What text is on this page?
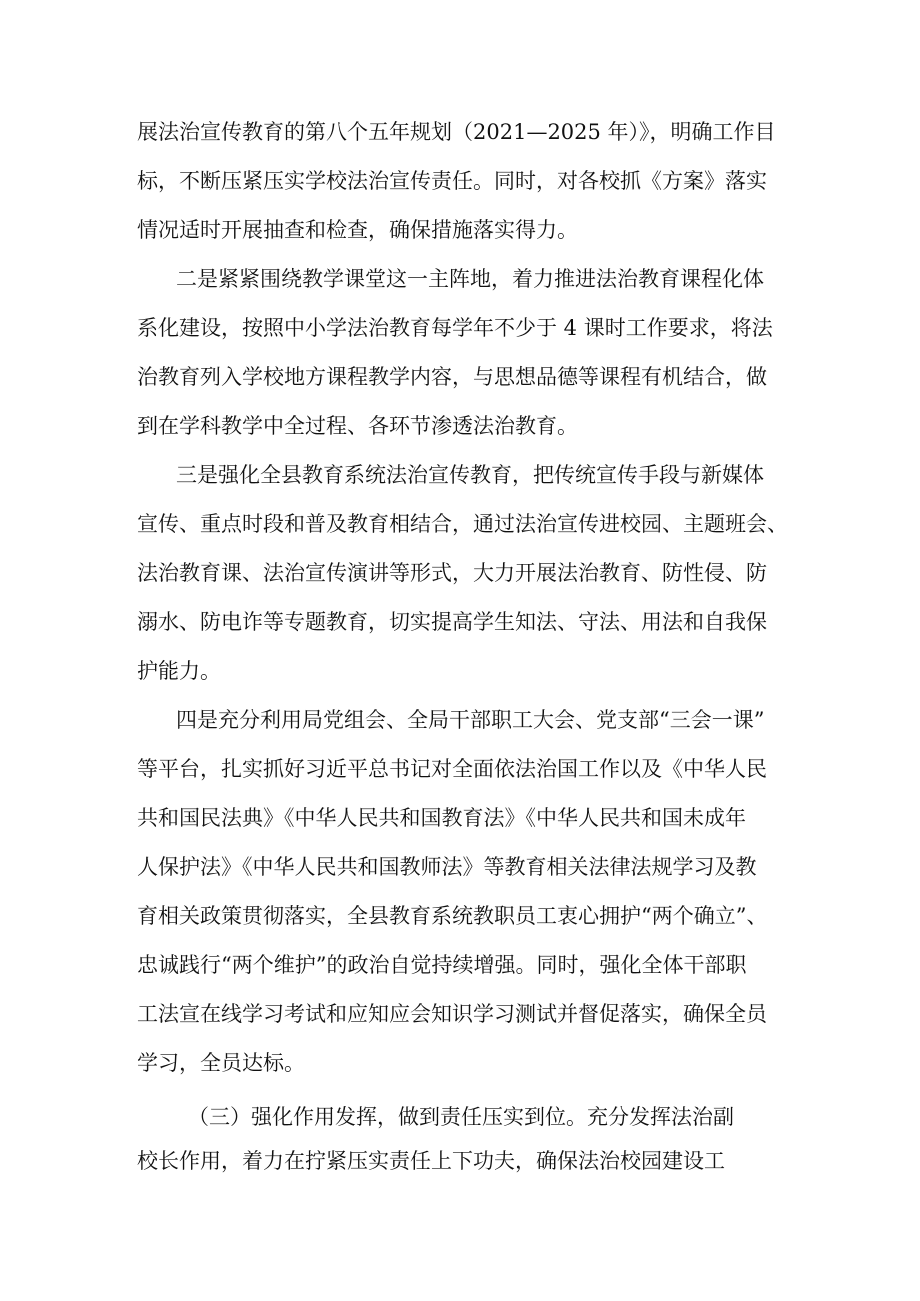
展法治宣传教育的第八个五年规划（2021—2025 年）》，明确工作目
标，不断压紧压实学校法治宣传责任。同时，对各校抓《方案》落实
情况适时开展抽查和检查，确保措施落实得力。
二是紧紧围绕教学课堂这一主阵地，着力推进法治教育课程化体
系化建设，按照中小学法治教育每学年不少于 4 课时工作要求，将法
治教育列入学校地方课程教学内容，与思想品德等课程有机结合，做
到在学科教学中全过程、各环节渗透法治教育。
三是强化全县教育系统法治宣传教育，把传统宣传手段与新媒体
宣传、重点时段和普及教育相结合，通过法治宣传进校园、主题班会、
法治教育课、法治宣传演讲等形式，大力开展法治教育、防性侵、防
溺水、防电诈等专题教育，切实提高学生知法、守法、用法和自我保
护能力。
四是充分利用局党组会、全局干部职工大会、党支部“三会一课”
等平台，扎实抓好习近平总书记对全面依法治国工作以及《中华人民
共和国民法典》《中华人民共和国教育法》《中华人民共和国未成年
人保护法》《中华人民共和国教师法》等教育相关法律法规学习及教
育相关政策贯彻落实，全县教育系统教职员工衷心拥护“两个确立”、
忠诚践行“两个维护”的政治自觉持续增强。同时，强化全体干部职
工法宣在线学习考试和应知应会知识学习测试并督促落实，确保全员
学习，全员达标。
（三）强化作用发挥，做到责任压实到位。充分发挥法治副
校长作用，着力在拧紧压实责任上下功夫，确保法治校园建设工
